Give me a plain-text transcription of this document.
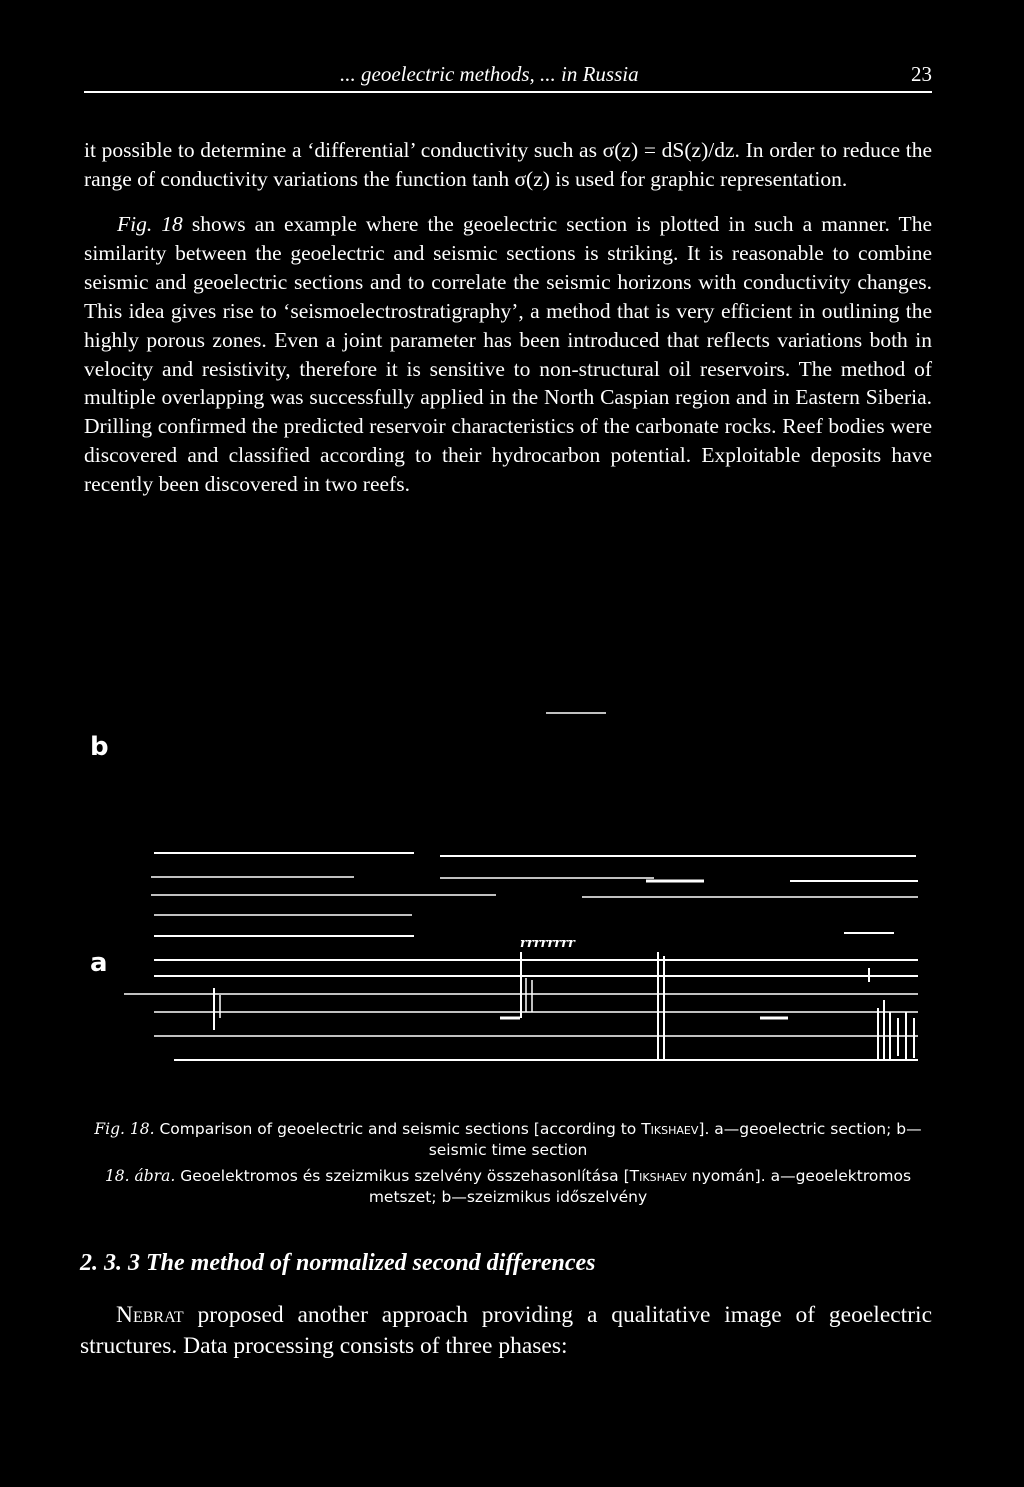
... geoelectric methods, ... in Russia	23

it possible to determine a ‘differential’ conductivity such as σ(z) = dS(z)/dz. In order to reduce the range of conductivity variations the function tanh σ(z) is used for graphic representation.

Fig. 18 shows an example where the geoelectric section is plotted in such a manner. The similarity between the geoelectric and seismic sections is striking. It is reasonable to combine seismic and geoelectric sections and to correlate the seismic horizons with conductivity changes. This idea gives rise to ‘seismoelectrostratigraphy’, a method that is very efficient in outlining the highly porous zones. Even a joint parameter has been introduced that reflects variations both in velocity and resistivity, therefore it is sensitive to non-structural oil reservoirs. The method of multiple overlapping was successfully applied in the North Caspian region and in Eastern Siberia. Drilling confirmed the predicted reservoir characteristics of the carbonate rocks. Reef bodies were discovered and classified according to their hydrocarbon potential. Exploitable deposits have recently been discovered in two reefs.

rrrrrrrr
b
a

Fig. 18. Comparison of geoelectric and seismic sections [according to Tikshaev]. a—geoelectric section; b—seismic time section

18. ábra. Geoelektromos és szeizmikus szelvény összehasonlítása [Tikshaev nyomán]. a—geoelektromos metszet; b—szeizmikus időszelvény

2. 3. 3 The method of normalized second differences

Nebrat proposed another approach providing a qualitative image of geoelectric structures. Data processing consists of three phases:
